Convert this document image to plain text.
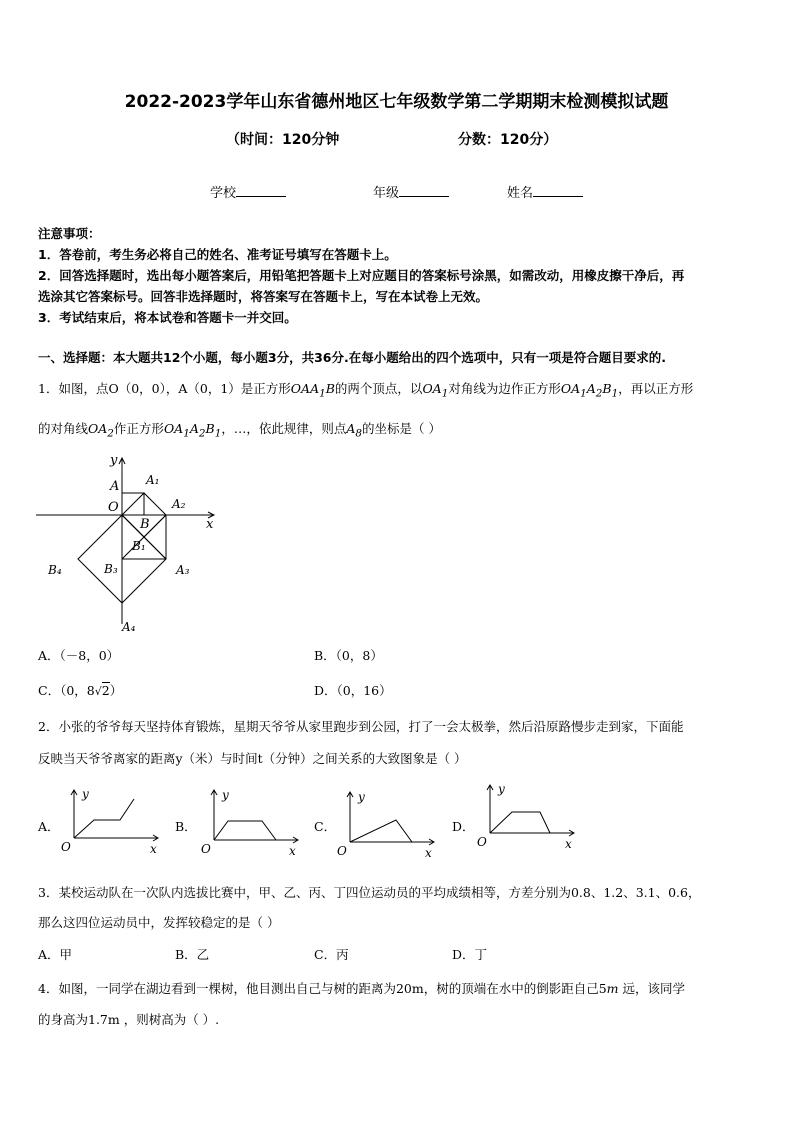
2022-2023学年山东省德州地区七年级数学第二学期期末检测模拟试题
（时间：120分钟	分数：120分）
学校	年级	姓名
注意事项：
1．答卷前，考生务必将自己的姓名、准考证号填写在答题卡上。
2．回答选择题时，选出每小题答案后，用铅笔把答题卡上对应题目的答案标号涂黑，如需改动，用橡皮擦干净后，再
选涂其它答案标号。回答非选择题时，将答案写在答题卡上，写在本试卷上无效。
3．考试结束后，将本试卷和答题卡一并交回。
一、选择题：本大题共12个小题，每小题3分，共36分.在每小题给出的四个选项中，只有一项是符合题目要求的.
1．如图，点O（0，0），A（0，1）是正方形$OAA_1B$的两个顶点，以$OA_1$对角线为边作正方形$OA_1A_2B_1$，再以正方形
的对角线$OA_2$作正方形$OA_1A_2B_1$，…，依此规律，则点$A_8$的坐标是（ ）
y
x
O
A A₁
A₂
A₃
A₄
B
B₁
B₃
B₄
A．（－8，0）	B．（0，8）
C．（0，8√2）	D．（0，16）
2．小张的爷爷每天坚持体育锻炼，星期天爷爷从家里跑步到公园，打了一会太极拳，然后沿原路慢步走到家，下面能
反映当天爷爷离家的距离y（米）与时间t（分钟）之间关系的大致图象是（ ）
A．
y
x
O
B．
y
x
O
C．
y
x
O
D．
y
x
O
3．某校运动队在一次队内选拔比赛中，甲、乙、丙、丁四位运动员的平均成绩相等，方差分别为0.8、1.2、3.1、0.6，
那么这四位运动员中，发挥较稳定的是（ ）
A．甲	B．乙	C．丙	D．丁
4．如图，一同学在湖边看到一棵树，他目测出自己与树的距离为20m，树的顶端在水中的倒影距自己5m 远，该同学
的身高为1.7m ，则树高为（ ）.
